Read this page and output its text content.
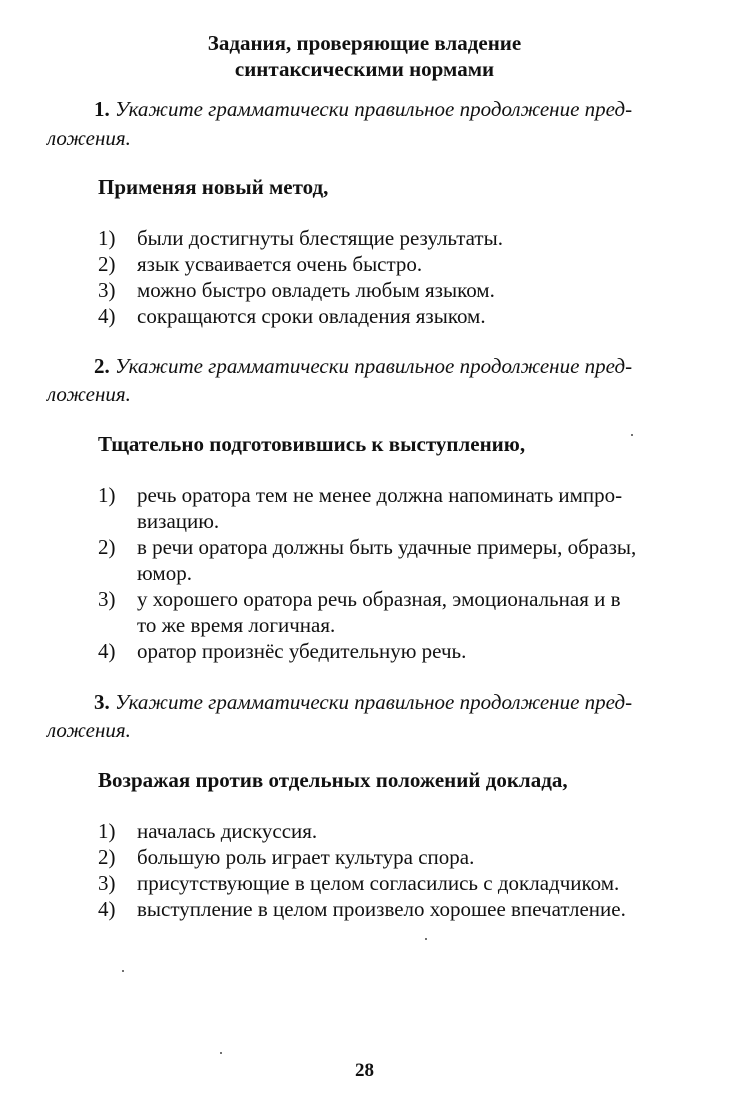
Задания, проверяющие владение
синтаксическими нормами
1. Укажите грамматически правильное продолжение пред-
ложения.
Применяя новый метод,
1)	были достигнуты блестящие результаты.
2)	язык усваивается очень быстро.
3)	можно быстро овладеть любым языком.
4)	сокращаются сроки овладения языком.
2. Укажите грамматически правильное продолжение пред-
ложения.
Тщательно подготовившись к выступлению,
1)	речь оратора тем не менее должна напоминать импро-
визацию.
2)	в речи оратора должны быть удачные примеры, образы,
юмор.
3)	у хорошего оратора речь образная, эмоциональная и в
то же время логичная.
4)	оратор произнёс убедительную речь.
3. Укажите грамматически правильное продолжение пред-
ложения.
Возражая против отдельных положений доклада,
1)	началась дискуссия.
2)	большую роль играет культура спора.
3)	присутствующие в целом согласились с докладчиком.
4)	выступление в целом произвело хорошее впечатление.
28
